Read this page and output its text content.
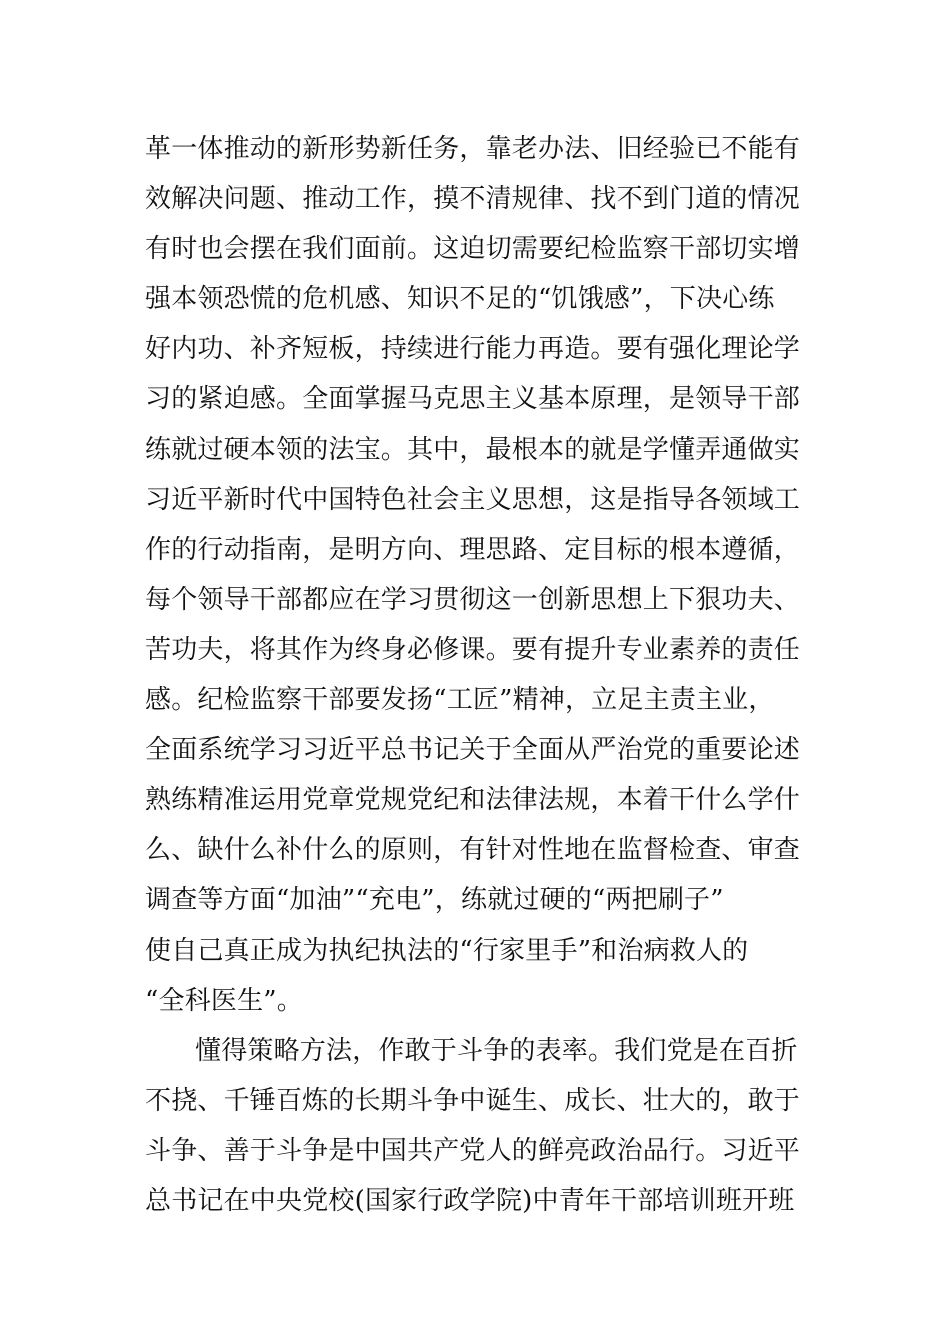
革一体推动的新形势新任务，靠老办法、旧经验已不能有
效解决问题、推动工作，摸不清规律、找不到门道的情况
有时也会摆在我们面前。这迫切需要纪检监察干部切实增
强本领恐慌的危机感、知识不足的“饥饿感”，下决心练
好内功、补齐短板，持续进行能力再造。要有强化理论学
习的紧迫感。全面掌握马克思主义基本原理，是领导干部
练就过硬本领的法宝。其中，最根本的就是学懂弄通做实
习近平新时代中国特色社会主义思想，这是指导各领域工
作的行动指南，是明方向、理思路、定目标的根本遵循，
每个领导干部都应在学习贯彻这一创新思想上下狠功夫、
苦功夫，将其作为终身必修课。要有提升专业素养的责任
感。纪检监察干部要发扬“工匠”精神，立足主责主业，
全面系统学习习近平总书记关于全面从严治党的重要论述
熟练精准运用党章党规党纪和法律法规，本着干什么学什
么、缺什么补什么的原则，有针对性地在监督检查、审查
调查等方面“加油”“充电”，练就过硬的“两把刷子”
使自己真正成为执纪执法的“行家里手”和治病救人的
“全科医生”。
懂得策略方法，作敢于斗争的表率。我们党是在百折
不挠、千锤百炼的长期斗争中诞生、成长、壮大的，敢于
斗争、善于斗争是中国共产党人的鲜亮政治品行。习近平
总书记在中央党校(国家行政学院)中青年干部培训班开班
